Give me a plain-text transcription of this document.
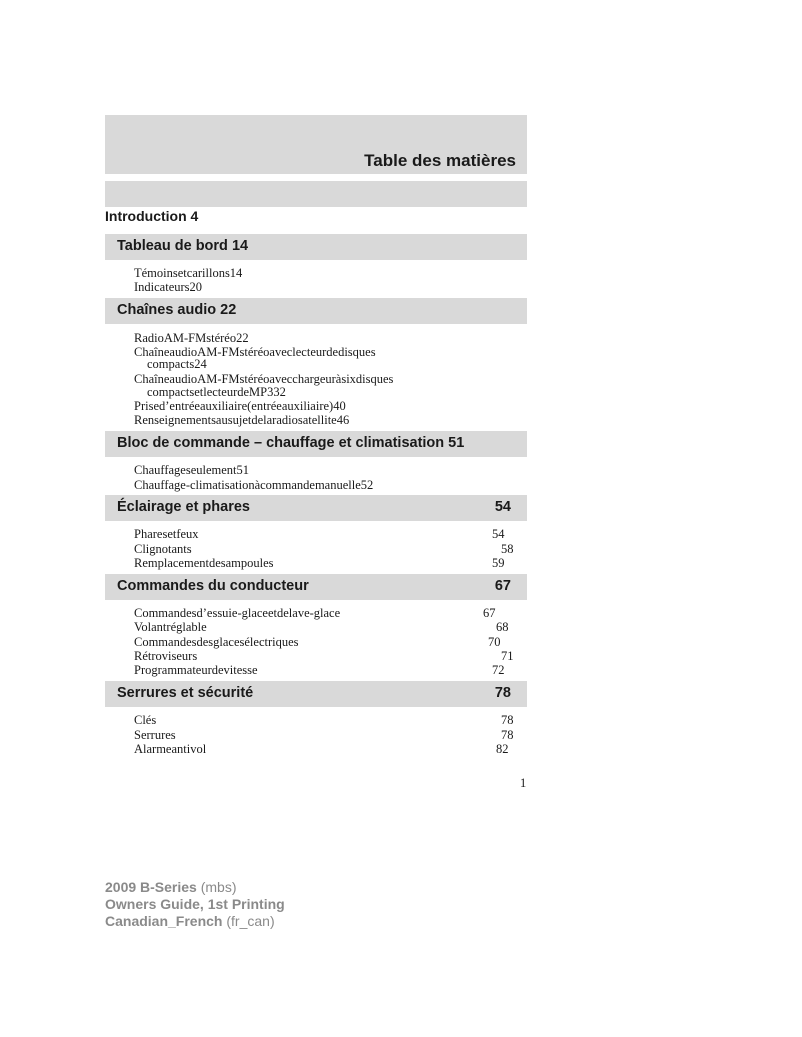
Table des matières
Introduction 4
Tableau de bord 14
Témoinsetcarillons14
Indicateurs20
Chaînes audio 22
RadioAM-FMstéréo22
ChaîneaudioAM-FMstéréoaveclecteurdedisques
compacts24
ChaîneaudioAM-FMstéréoavecchargeuràsixdisques
compactsetlecteurdeMP332
Prised’entréeauxiliaire(entréeauxiliaire)40
Renseignementsausujetdelaradiosatellite46
Bloc de commande – chauffage et climatisation 51
Chauffageseulement51
Chauffage-climatisationàcommandemanuelle52
Éclairage et phares	54
Pharesetfeux	54
Clignotants	58
Remplacementdesampoules	59
Commandes du conducteur	67
Commandesd’essuie-glaceetdelave-glace	67
Volantréglable	68
Commandesdesglacesélectriques	70
Rétroviseurs	71
Programmateurdevitesse	72
Serrures et sécurité	78
Clés	78
Serrures	78
Alarmeantivol	82
1
2009 B-Series (mbs)
Owners Guide, 1st Printing
Canadian_French (fr_can)
